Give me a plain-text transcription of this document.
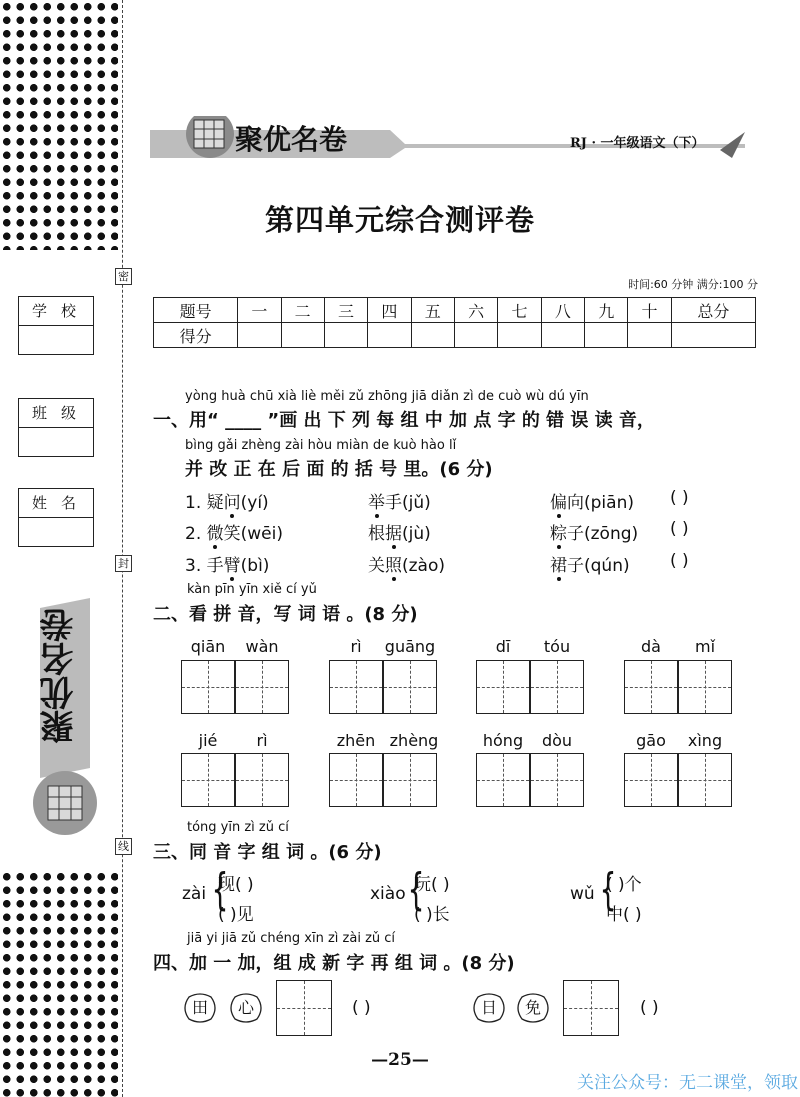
密
封
线
学校
班级
姓名
聚优名卷
聚优名卷	RJ · 一年级语文（下）
第四单元综合测评卷
时间:60 分钟 满分:100 分
题号	一	二	三	四	五	六	七	八	九	十	总分
得分											
yòng huà chū xià liè měi zǔ zhōng jiā diǎn zì de cuò wù dú yīn
一、用“ ____ ”画 出 下 列 每 组 中 加 点 字 的 错 误 读 音，
bìng gǎi zhèng zài hòu miàn de kuò hào lǐ
并 改 正 在 后 面 的 括 号 里。(6 分)
1. 疑问(yí)	举手(jǔ)	偏向(piān) ( )
2. 微笑(wēi)	根据(jù)	粽子(zōng) ( )
3. 手臂(bì)	关照(zào)	裙子(qún) ( )
kàn pīn yīn xiě cí yǔ
二、看 拼 音，写 词 语 。(8 分)
qiān	wàn	rì	guāng	dī	tóu	dà	mǐ
jié	rì	zhēn zhèng	hóng	dòu	gāo	xìng
tóng yīn zì zǔ cí
三、同 音 字 组 词 。(6 分)
zài {
现( )
( )见
xiào {
玩( )
( )长
wǔ {
( )个
中( )
jiā yi jiā zǔ chéng xīn zì zài zǔ cí
四、加 一 加，组 成 新 字 再 组 词 。(8 分)
田	心	( )	日	免	( )
—25—
关注公众号：无二课堂，领取
